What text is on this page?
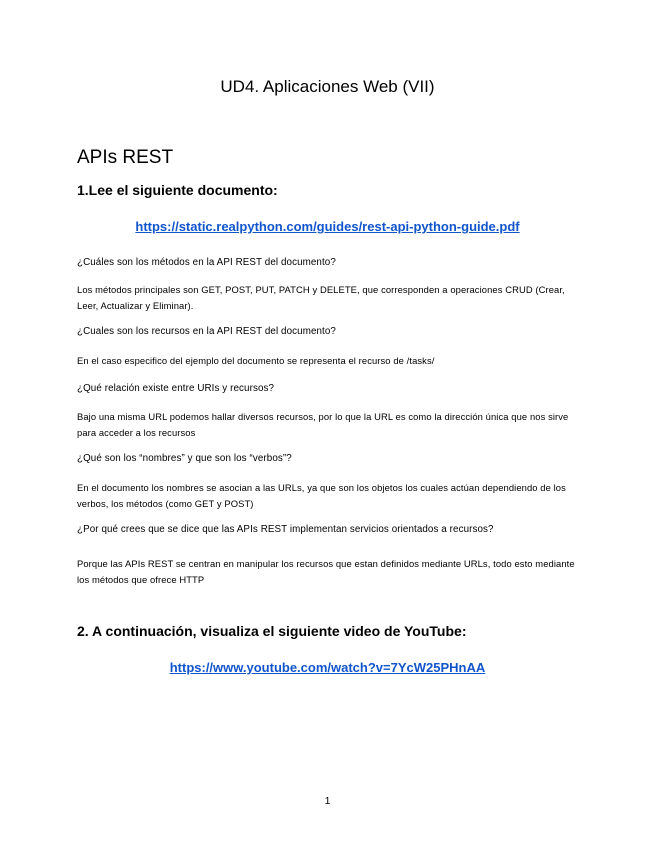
UD4. Aplicaciones Web (VII)

APIs REST

1.Lee el siguiente documento:

https://static.realpython.com/guides/rest-api-python-guide.pdf

¿Cuáles son los métodos en la API REST del documento?

Los métodos principales son GET, POST, PUT, PATCH y DELETE, que corresponden a operaciones CRUD (Crear, Leer, Actualizar y Eliminar).

¿Cuales son los recursos en la API REST del documento?

En el caso especifico del ejemplo del documento se representa el recurso de /tasks/

¿Qué relación existe entre URIs y recursos?

Bajo una misma URL podemos hallar diversos recursos, por lo que la URL es como la dirección única que nos sirve para acceder a los recursos

¿Qué son los “nombres” y que son los “verbos”?

En el documento los nombres se asocian a las URLs, ya que son los objetos los cuales actúan dependiendo de los verbos, los métodos (como GET y POST)

¿Por qué crees que se dice que las APIs REST implementan servicios orientados a recursos?

Porque las APIs REST se centran en manipular los recursos que estan definidos mediante URLs, todo esto mediante los métodos que ofrece HTTP

2. A continuación, visualiza el siguiente video de YouTube:

https://www.youtube.com/watch?v=7YcW25PHnAA

1
